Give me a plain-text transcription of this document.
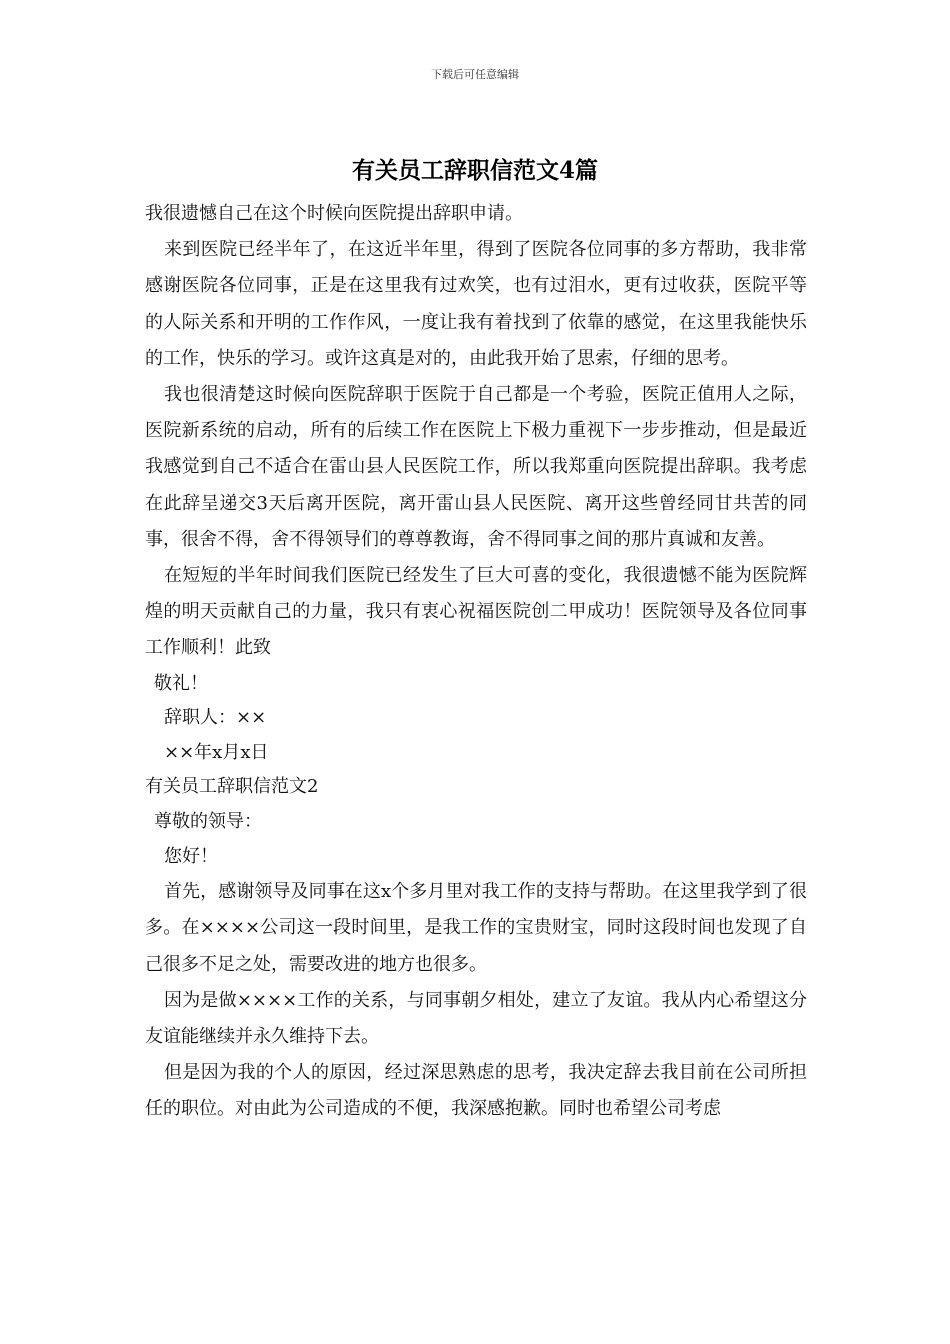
下载后可任意编辑
有关员工辞职信范文4篇

我很遗憾自己在这个时候向医院提出辞职申请。

来到医院已经半年了，在这近半年里，得到了医院各位同事的多方帮助，我非常感谢医院各位同事，正是在这里我有过欢笑，也有过泪水，更有过收获，医院平等的人际关系和开明的工作作风，一度让我有着找到了依靠的感觉，在这里我能快乐的工作，快乐的学习。或许这真是对的，由此我开始了思索，仔细的思考。

我也很清楚这时候向医院辞职于医院于自己都是一个考验，医院正值用人之际，医院新系统的启动，所有的后续工作在医院上下极力重视下一步步推动，但是最近我感觉到自己不适合在雷山县人民医院工作，所以我郑重向医院提出辞职。我考虑在此辞呈递交3天后离开医院，离开雷山县人民医院、离开这些曾经同甘共苦的同事，很舍不得，舍不得领导们的尊尊教诲，舍不得同事之间的那片真诚和友善。

在短短的半年时间我们医院已经发生了巨大可喜的变化，我很遗憾不能为医院辉煌的明天贡献自己的力量，我只有衷心祝福医院创二甲成功！医院领导及各位同事工作顺利！此致

敬礼！

辞职人：××

××年x月x日

有关员工辞职信范文2

尊敬的领导：

您好！

首先，感谢领导及同事在这x个多月里对我工作的支持与帮助。在这里我学到了很多。在××××公司这一段时间里，是我工作的宝贵财宝，同时这段时间也发现了自己很多不足之处，需要改进的地方也很多。

因为是做××××工作的关系，与同事朝夕相处，建立了友谊。我从内心希望这分友谊能继续并永久维持下去。

但是因为我的个人的原因，经过深思熟虑的思考，我决定辞去我目前在公司所担任的职位。对由此为公司造成的不便，我深感抱歉。同时也希望公司考虑
